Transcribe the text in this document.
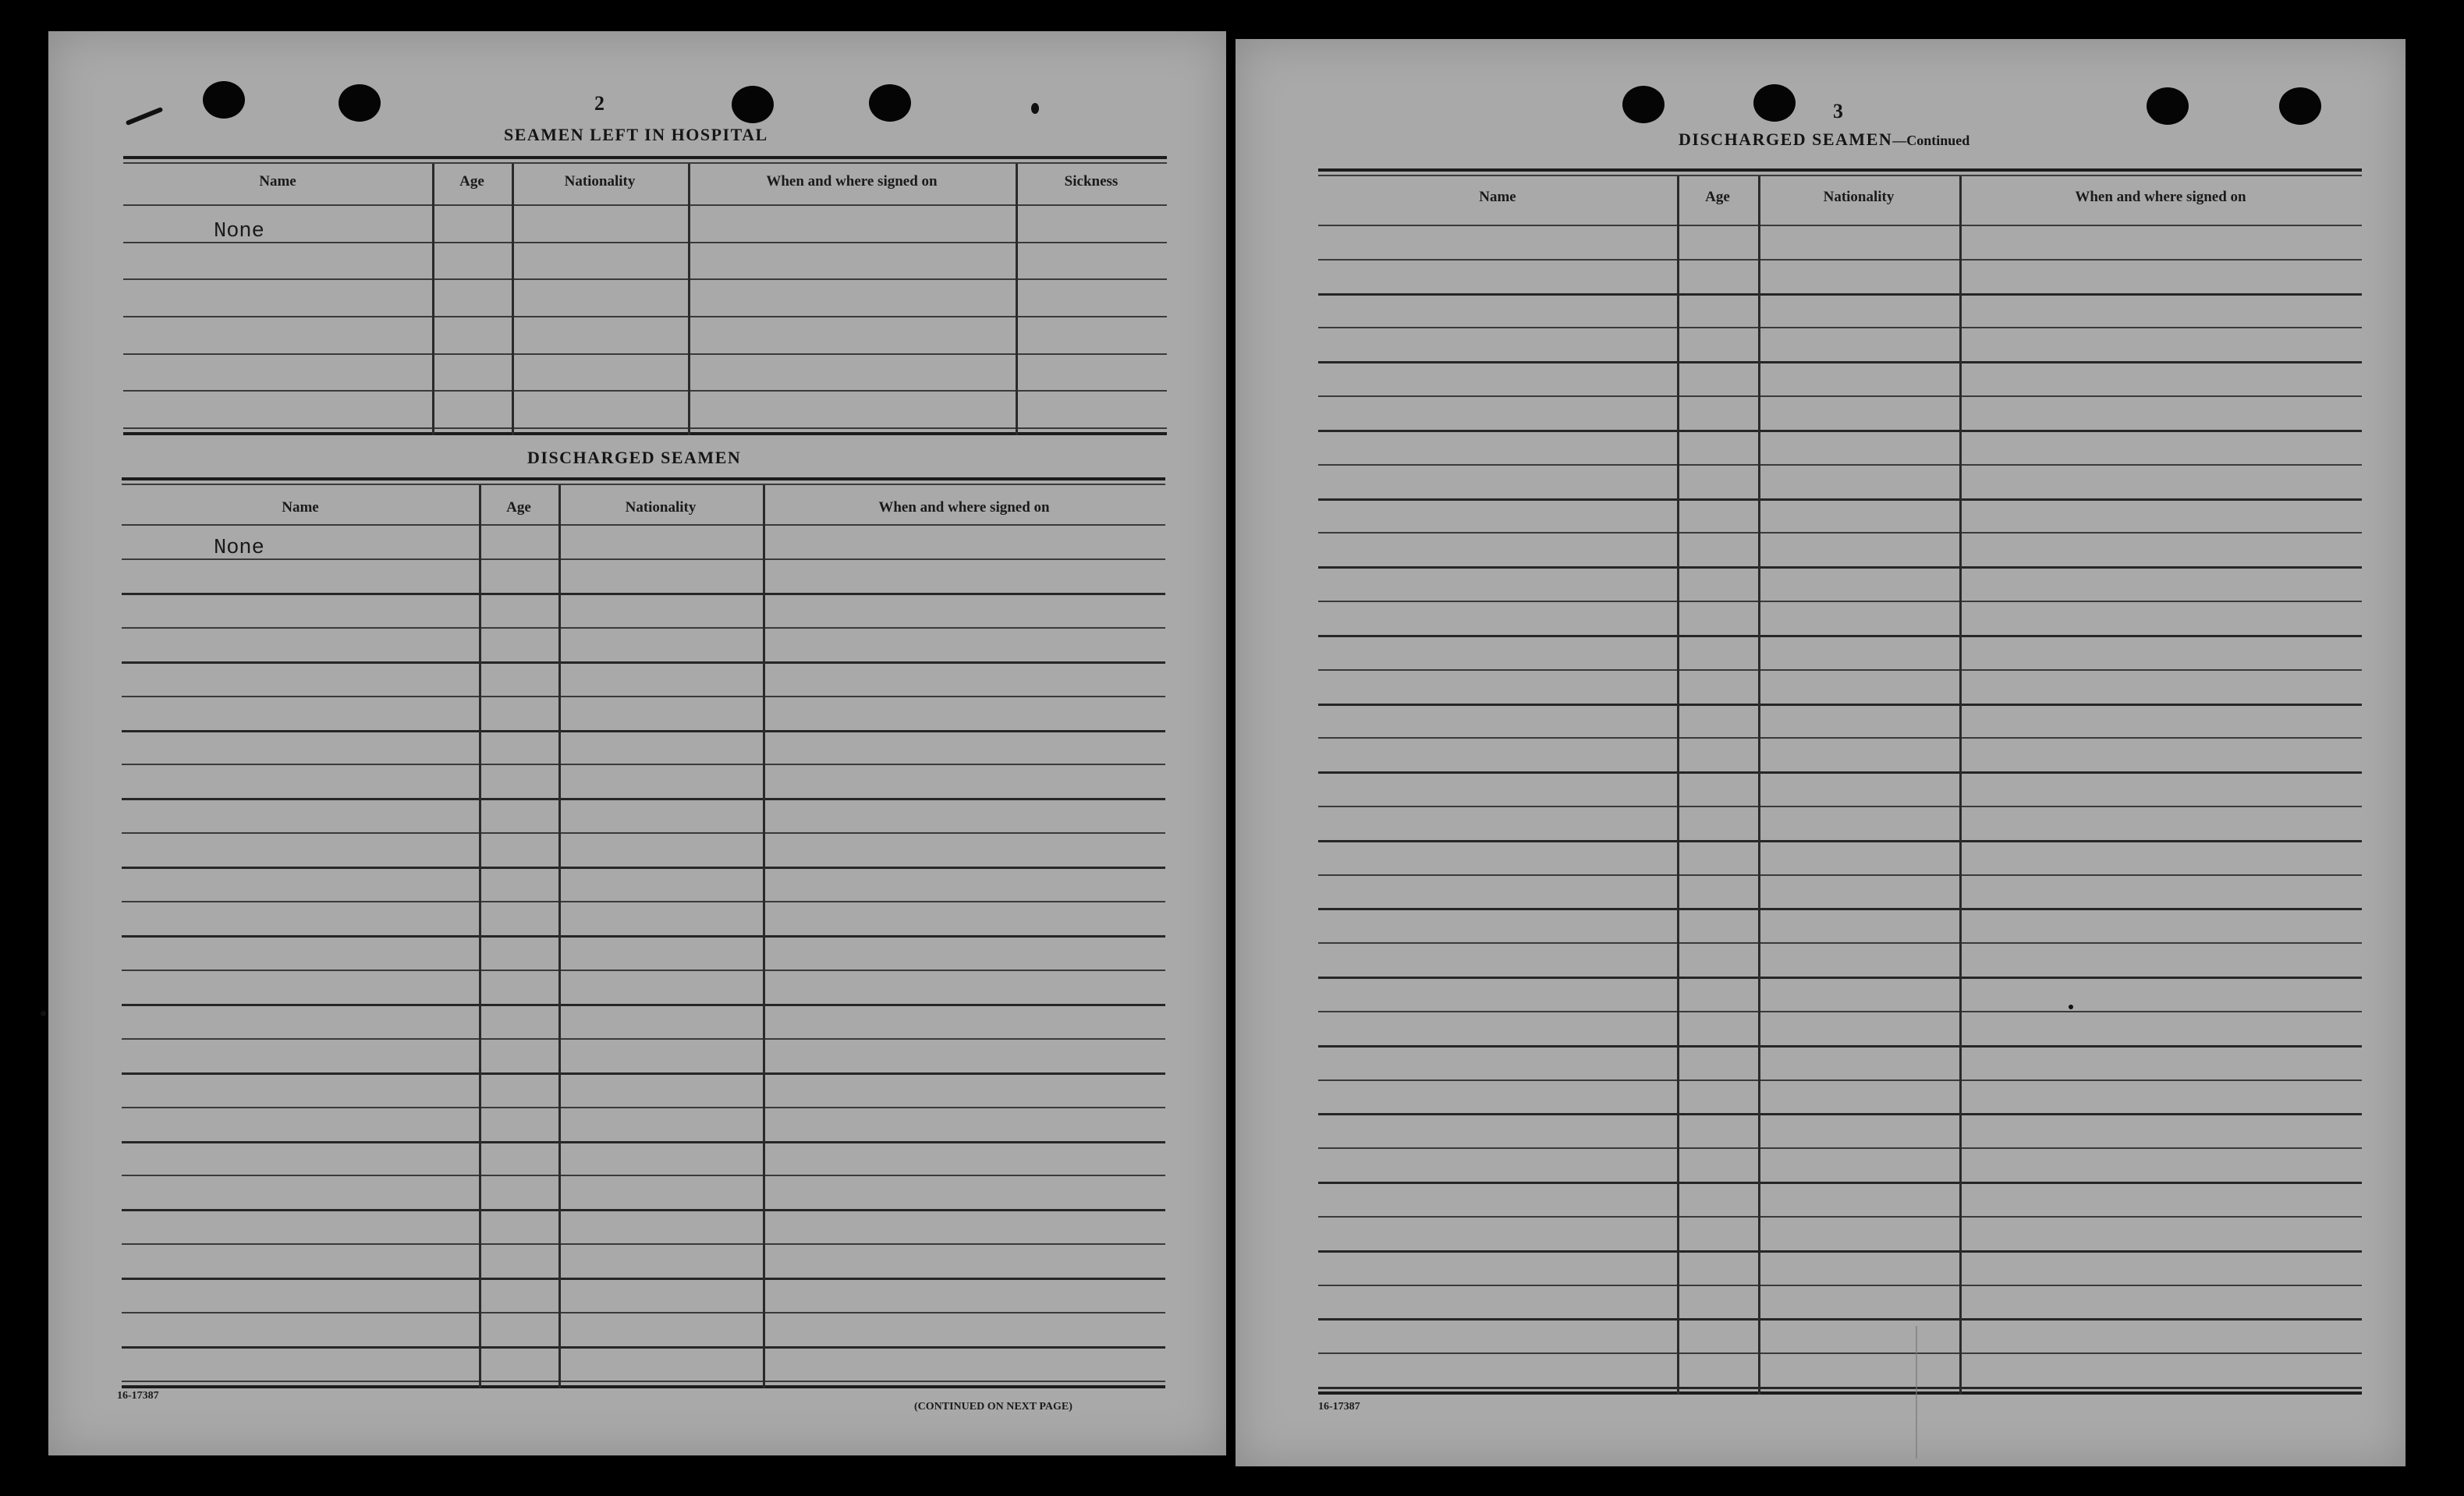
2
SEAMEN LEFT IN HOSPITAL
Name	Age	Nationality	When and where signed on	Sickness
None
DISCHARGED SEAMEN
Name	Age	Nationality	When and where signed on
None
16-17387
(CONTINUED ON NEXT PAGE)
3
DISCHARGED SEAMEN—Continued
Name	Age	Nationality	When and where signed on
16-17387
